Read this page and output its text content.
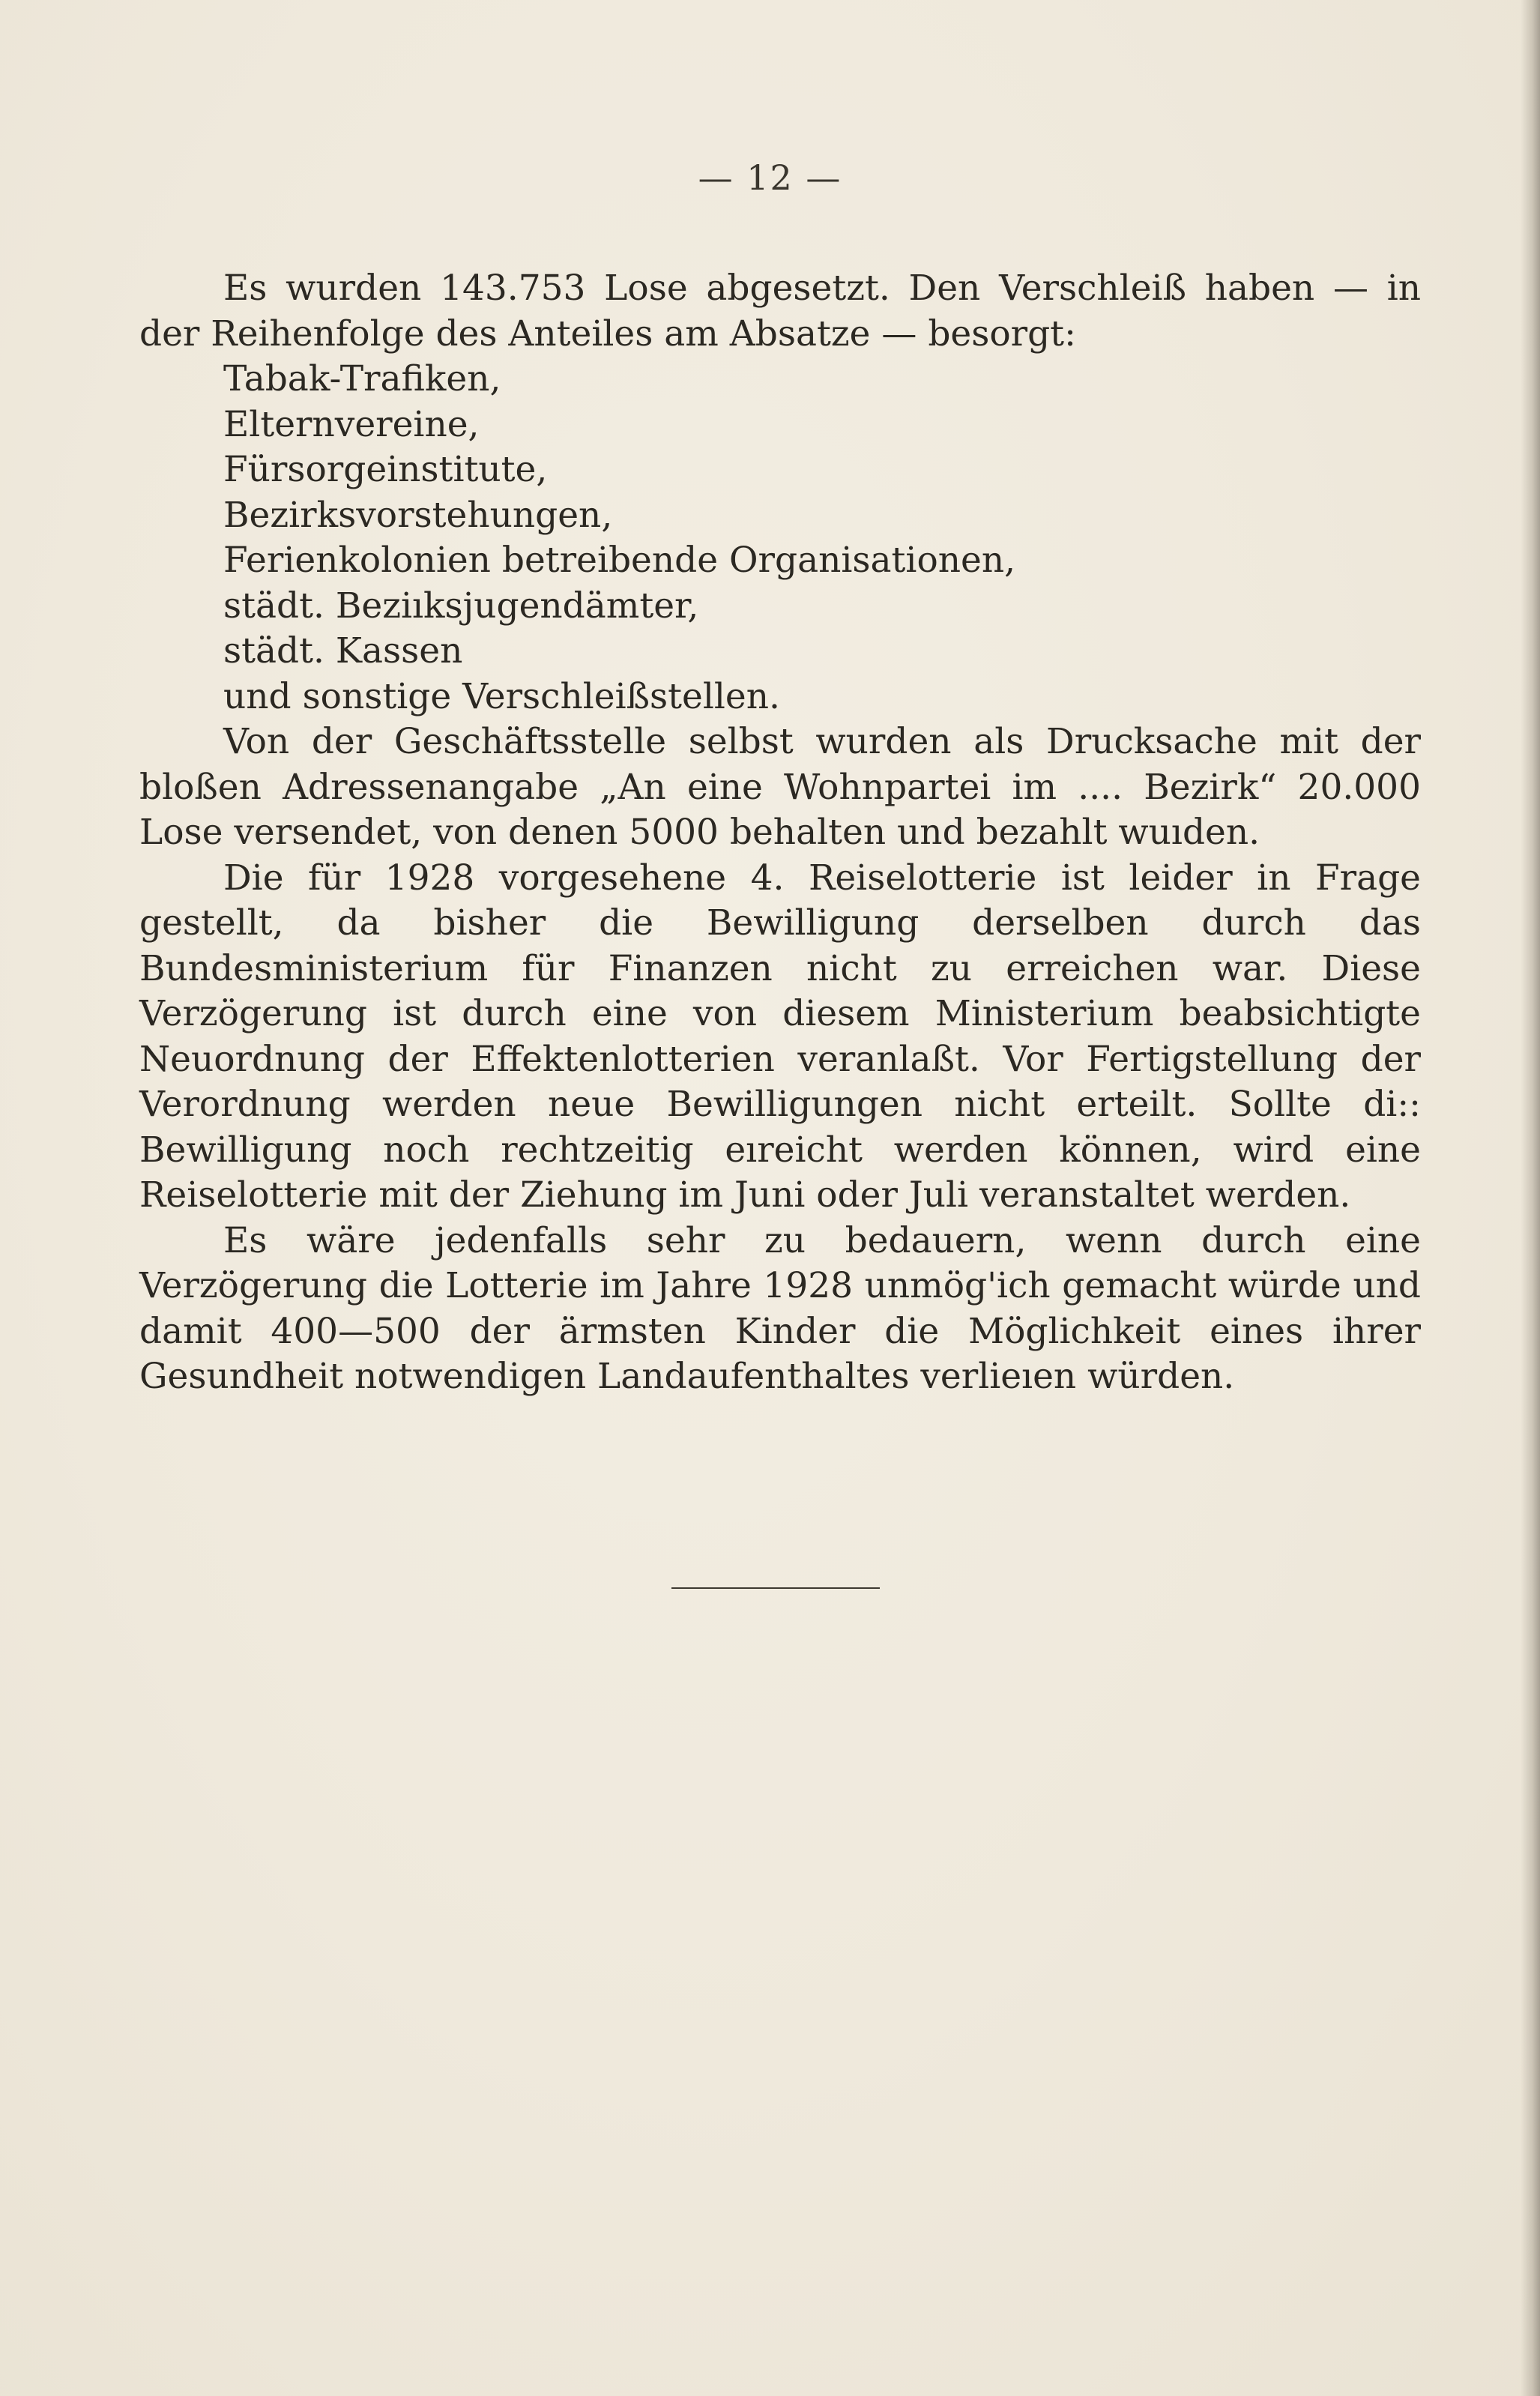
— 12 —

Es wurden 143.753 Lose abgesetzt. Den Verschleiß haben — in der Reihenfolge des Anteiles am Absatze — besorgt:

Tabak-Trafiken,
Elternvereine,
Fürsorgeinstitute,
Bezirksvorstehungen,
Ferienkolonien betreibende Organisationen,
städt. Beziıksjugendämter,
städt. Kassen
und sonstige Verschleißstellen.

Von der Geschäftsstelle selbst wurden als Drucksache mit der bloßen Adressenangabe „An eine Wohnpartei im .... Bezirk“ 20.000 Lose versendet, von denen 5000 behalten und bezahlt wuıden.

Die für 1928 vorgesehene 4. Reiselotterie ist leider in Frage gestellt, da bisher die Bewilligung derselben durch das Bundesministerium für Finanzen nicht zu erreichen war. Diese Verzögerung ist durch eine von diesem Ministerium beabsichtigte Neuordnung der Effektenlotterien veranlaßt. Vor Fertigstellung der Verordnung werden neue Bewilligungen nicht erteilt. Sollte di:: Bewilligung noch rechtzeitig eıreicht werden können, wird eine Reiselotterie mit der Ziehung im Juni oder Juli veranstaltet werden.

Es wäre jedenfalls sehr zu bedauern, wenn durch eine Verzögerung die Lotterie im Jahre 1928 unmög'ich gemacht würde und damit 400—500 der ärmsten Kinder die Möglichkeit eines ihrer Gesundheit notwendigen Landaufenthaltes verlieıen würden.
